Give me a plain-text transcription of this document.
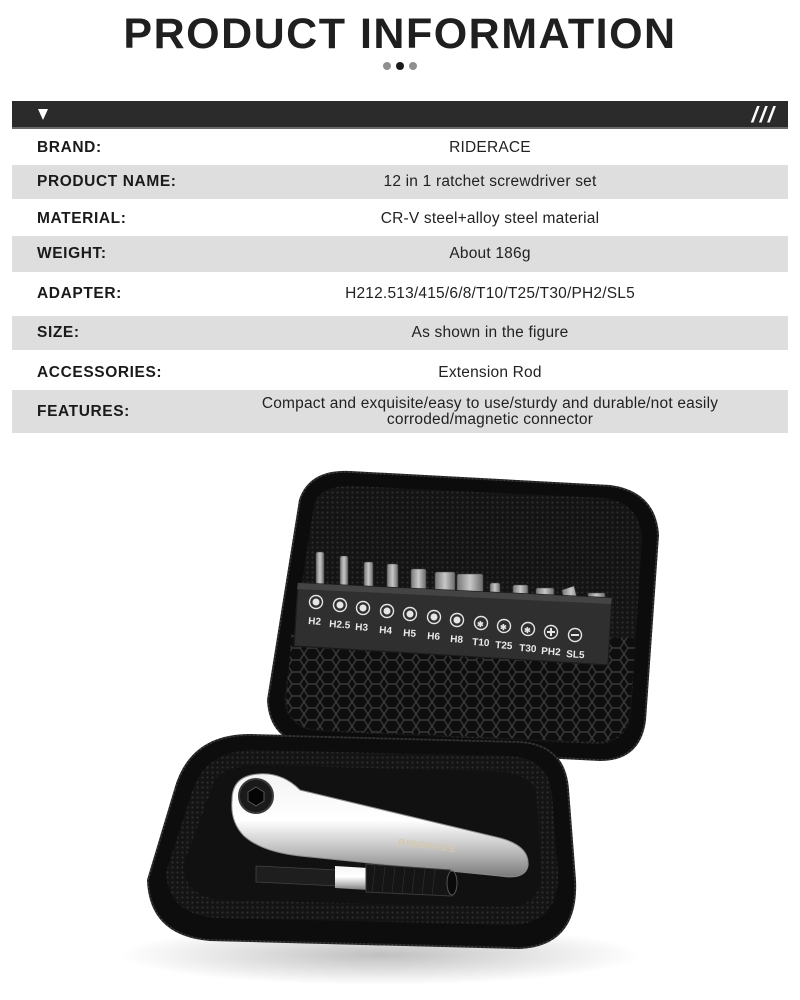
PRODUCT INFORMATION
///
BRAND:	RIDERACE
PRODUCT NAME:	12 in 1 ratchet screwdriver set
MATERIAL:	CR-V steel+alloy steel material
WEIGHT:	About 186g
ADAPTER:	H212.513/415/6/8/T10/T25/T30/PH2/SL5
SIZE:	As shown in the figure
ACCESSORIES:	Extension Rod
FEATURES:	Compact and exquisite/easy to use/sturdy and durable/not easily
corroded/magnetic connector
✱ ✱ ✱
H2 H2.5 H3 H4 H5 H6 H8 T10 T25 T30 PH2 SL5
RIDERACE
